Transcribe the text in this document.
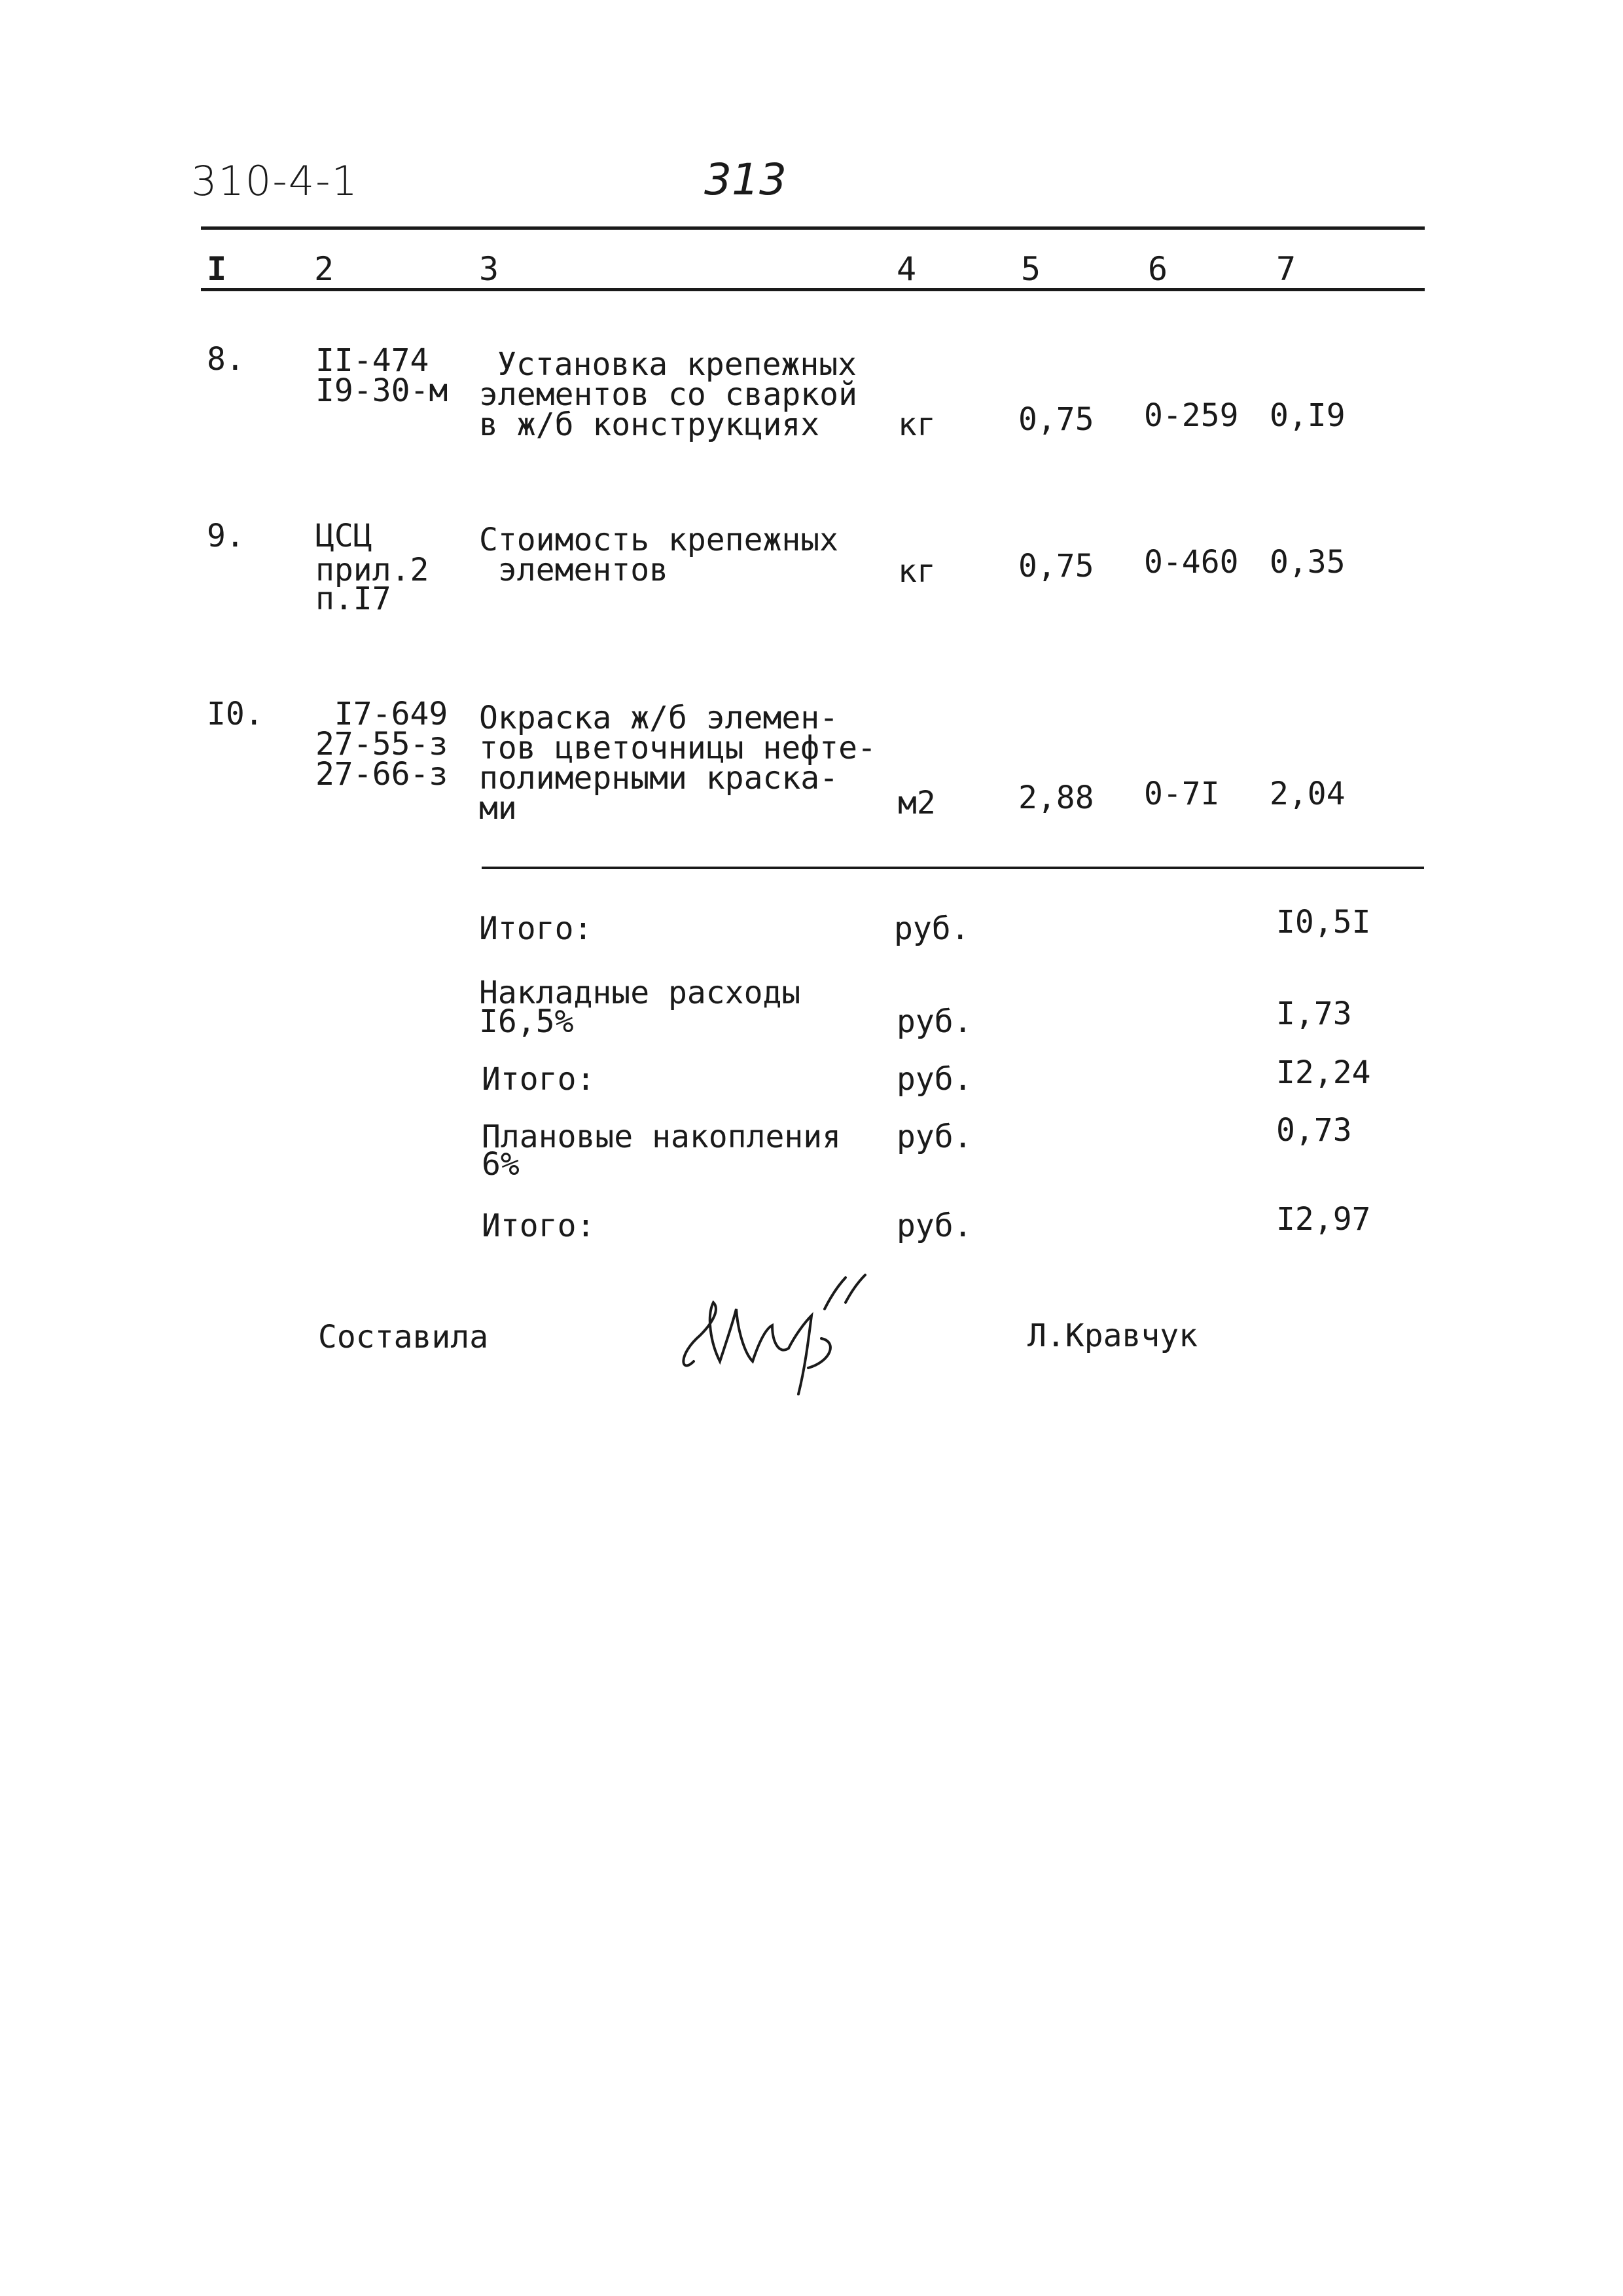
310-4-1	313
I	2	3	4	5	6	7
8. II-474
I9-30-м
Установка крепежных
элементов со сваркой
в ж/б конструкциях кг	0,75 0-259 0,I9
9. ЦСЦ
прил.2
п.I7
Стоимость крепежных
элементов	кг	0,75 0-460 0,35
I0. I7-649
27-55-з
27-66-з
Окраска ж/б элемен-
тов цветочницы нефте-
полимерными краска-
ми	м2	2,88 0-7I 2,04
Итого:	руб.	I0,5I
Накладные расходы
I6,5%	руб.	I,73
Итого:	руб.	I2,24
Плановые накопления
6%
руб.	0,73
Итого:	руб.	I2,97
Составила	Л.Кравчук
